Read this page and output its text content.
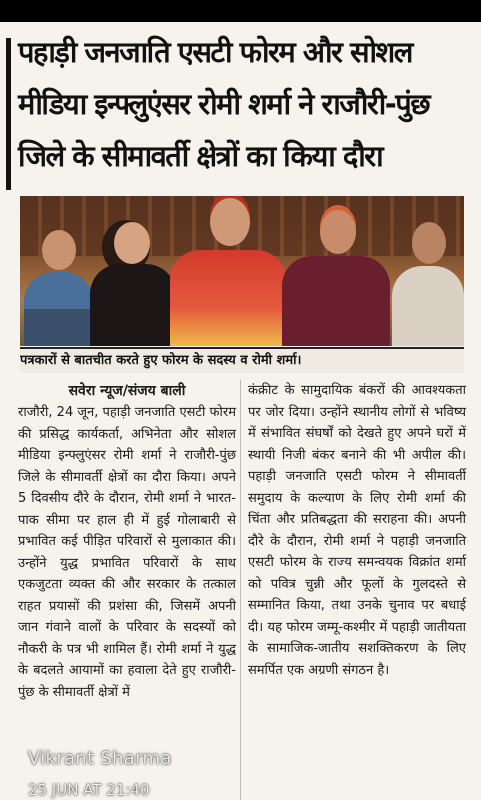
पहाड़ी जनजाति एसटी फोरम और सोशल मीडिया इन्फ्लुएंसर रोमी शर्मा ने राजौरी-पुंछ जिले के सीमावर्ती क्षेत्रों का किया दौरा
पत्रकारों से बातचीत करते हुए फोरम के सदस्य व रोमी शर्मा।

सवेरा न्यूज/संजय बाली

राजौरी, 24 जून, पहाड़ी जनजाति एसटी फोरम की प्रसिद्ध कार्यकर्ता, अभिनेता और सोशल मीडिया इन्फ्लुएंसर रोमी शर्मा ने राजौरी-पुंछ जिले के सीमावर्ती क्षेत्रों का दौरा किया। अपने 5 दिवसीय दौरे के दौरान, रोमी शर्मा ने भारत-पाक सीमा पर हाल ही में हुई गोलाबारी से प्रभावित कई पीड़ित परिवारों से मुलाकात की। उन्होंने युद्ध प्रभावित परिवारों के साथ एकजुटता व्यक्त की और सरकार के तत्काल राहत प्रयासों की प्रशंसा की, जिसमें अपनी जान गंवाने वालों के परिवार के सदस्यों को नौकरी के पत्र भी शामिल हैं। रोमी शर्मा ने युद्ध के बदलते आयामों का हवाला देते हुए राजौरी-पुंछ के सीमावर्ती क्षेत्रों में

कंक्रीट के सामुदायिक बंकरों की आवश्यकता पर जोर दिया। उन्होंने स्थानीय लोगों से भविष्य में संभावित संघर्षों को देखते हुए अपने घरों में स्थायी निजी बंकर बनाने की भी अपील की। पहाड़ी जनजाति एसटी फोरम ने सीमावर्ती समुदाय के कल्याण के लिए रोमी शर्मा की चिंता और प्रतिबद्धता की सराहना की। अपनी दौरे के दौरान, रोमी शर्मा ने पहाड़ी जनजाति एसटी फोरम के राज्य समन्वयक विक्रांत शर्मा को पवित्र चुन्नी और फूलों के गुलदस्ते से सम्मानित किया, तथा उनके चुनाव पर बधाई दी। यह फोरम जम्मू-कश्मीर में पहाड़ी जातीयता के सामाजिक-जातीय सशक्तिकरण के लिए समर्पित एक अग्रणी संगठन है।

Vikrant Sharma
25 JUN AT 21:40
